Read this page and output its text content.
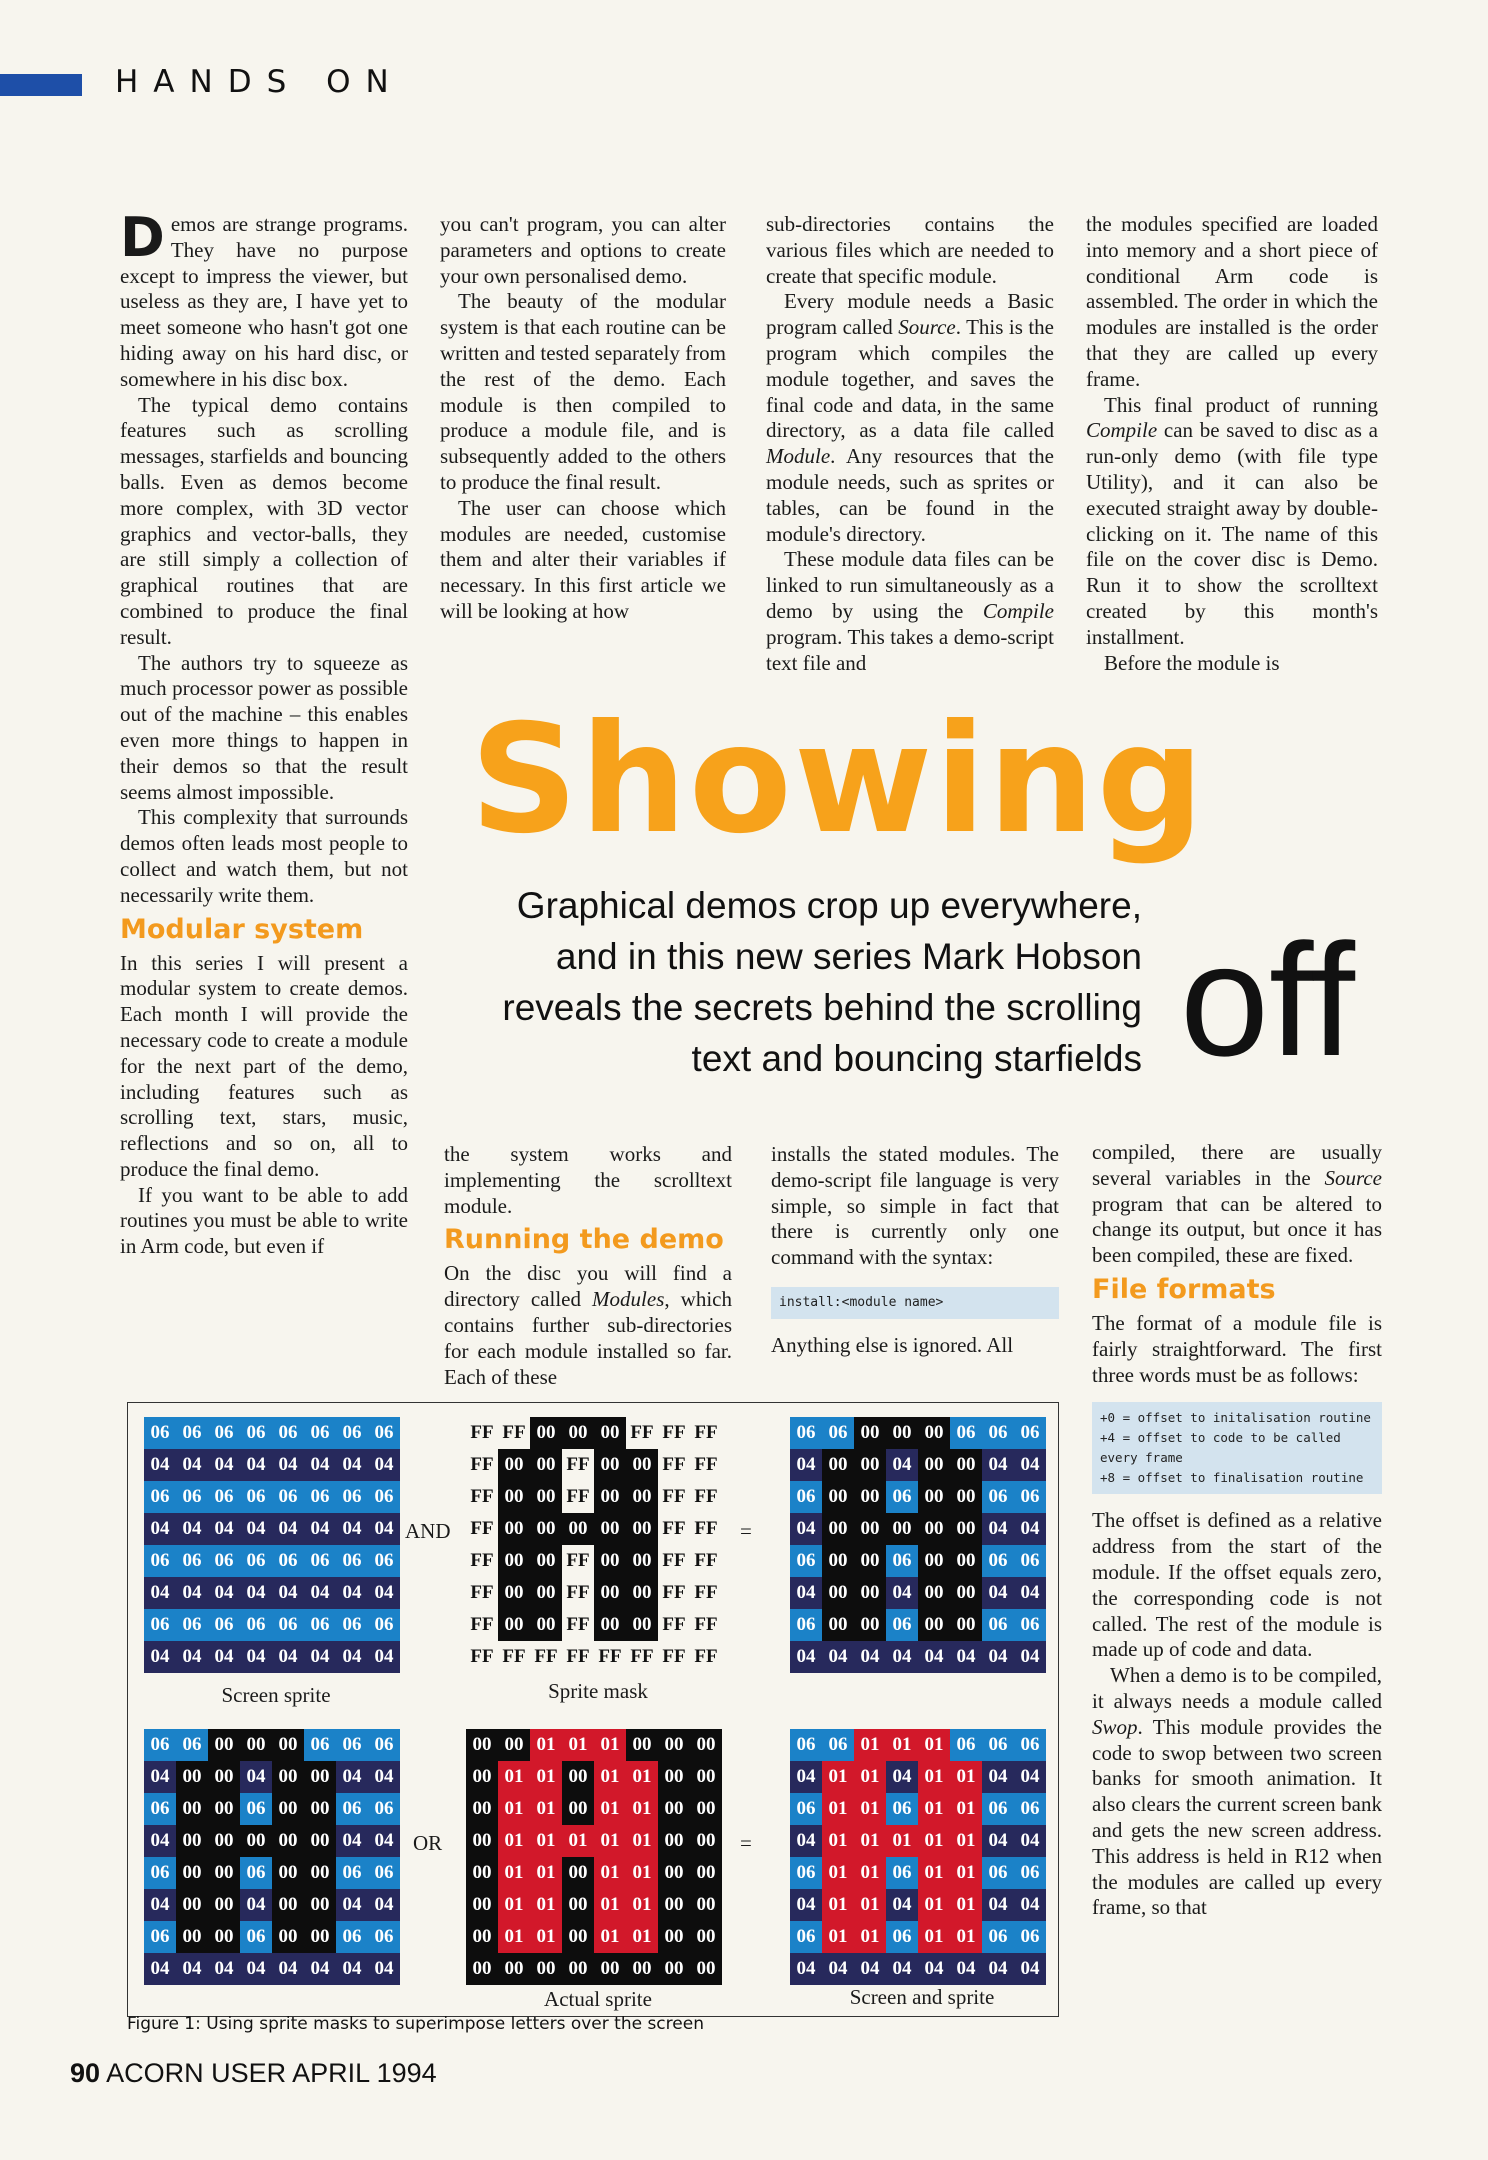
HANDS ON

Demos are strange programs. They have no purpose except to impress the viewer, but useless as they are, I have yet to meet someone who hasn't got one hiding away on his hard disc, or somewhere in his disc box.

The typical demo contains features such as scrolling messages, starfields and bouncing balls. Even as demos become more complex, with 3D vector graphics and vector-balls, they are still simply a collection of graphical routines that are combined to produce the final result.

The authors try to squeeze as much processor power as possible out of the machine – this enables even more things to happen in their demos so that the result seems almost impossible.

This complexity that surrounds demos often leads most people to collect and watch them, but not necessarily write them.

Modular system

In this series I will present a modular system to create demos. Each month I will provide the necessary code to create a module for the next part of the demo, including features such as scrolling text, stars, music, reflections and so on, all to produce the final demo.

If you want to be able to add routines you must be able to write in Arm code, but even if

you can't program, you can alter parameters and options to create your own personalised demo.

The beauty of the modular system is that each routine can be written and tested separately from the rest of the demo. Each module is then compiled to produce a module file, and is subsequently added to the others to produce the final result.

The user can choose which modules are needed, customise them and alter their variables if necessary. In this first article we will be looking at how

sub-directories contains the various files which are needed to create that specific module.

Every module needs a Basic program called Source. This is the program which compiles the module together, and saves the final code and data, in the same directory, as a data file called Module. Any resources that the module needs, such as sprites or tables, can be found in the module's directory.

These module data files can be linked to run simultaneously as a demo by using the Compile program. This takes a demo-script text file and

the modules specified are loaded into memory and a short piece of conditional Arm code is assembled. The order in which the modules are installed is the order that they are called up every frame.

This final product of running Compile can be saved to disc as a run-only demo (with file type Utility), and it can also be executed straight away by double-clicking on it. The name of this file on the cover disc is Demo. Run it to show the scrolltext created by this month's installment.

Before the module is

Showing
Graphical demos crop up everywhere, and in this new series Mark Hobson reveals the secrets behind the scrolling text and bouncing starfields off

the system works and implementing the scrolltext module.

Running the demo

On the disc you will find a directory called Modules, which contains further sub-directories for each module installed so far. Each of these

installs the stated modules. The demo-script file language is very simple, so simple in fact that there is currently only one command with the syntax:

install:<module name>

Anything else is ignored. All

compiled, there are usually several variables in the Source program that can be altered to change its output, but once it has been compiled, these are fixed.

File formats

The format of a module file is fairly straightforward. The first three words must be as follows:

+0 = offset to initalisation routine
+4 = offset to code to be called
every frame
+8 = offset to finalisation routine

The offset is defined as a relative address from the start of the module. If the offset equals zero, the corresponding code is not called. The rest of the module is made up of code and data.

When a demo is to be compiled, it always needs a module called Swop. This module provides the code to swop between two screen banks for smooth animation. It also clears the current screen bank and gets the new screen address. This address is held in R12 when the modules are called up every frame, so that

06 06 06 06 06 06 06 06
04 04 04 04 04 04 04 04
06 06 06 06 06 06 06 06
04 04 04 04 04 04 04 04
06 06 06 06 06 06 06 06
04 04 04 04 04 04 04 04
06 06 06 06 06 06 06 06
04 04 04 04 04 04 04 04
AND
FF FF 00 00 00 FF FF FF
FF 00 00 FF 00 00 FF FF
FF 00 00 FF 00 00 FF FF
FF 00 00 00 00 00 FF FF
FF 00 00 FF 00 00 FF FF
FF 00 00 FF 00 00 FF FF
FF 00 00 FF 00 00 FF FF
FF FF FF FF FF FF FF FF
=
06 06 00 00 00 06 06 06
04 00 00 04 00 00 04 04
06 00 00 06 00 00 06 06
04 00 00 00 00 00 04 04
06 00 00 06 00 00 06 06
04 00 00 04 00 00 04 04
06 00 00 06 00 00 06 06
04 04 04 04 04 04 04 04
Screen sprite	Sprite mask
06 06 00 00 00 06 06 06
04 00 00 04 00 00 04 04
06 00 00 06 00 00 06 06
04 00 00 00 00 00 04 04
06 00 00 06 00 00 06 06
04 00 00 04 00 00 04 04
06 00 00 06 00 00 06 06
04 04 04 04 04 04 04 04
OR
00 00 01 01 01 00 00 00
00 01 01 00 01 01 00 00
00 01 01 00 01 01 00 00
00 01 01 01 01 01 00 00
00 01 01 00 01 01 00 00
00 01 01 00 01 01 00 00
00 01 01 00 01 01 00 00
00 00 00 00 00 00 00 00
=
06 06 01 01 01 06 06 06
04 01 01 04 01 01 04 04
06 01 01 06 01 01 06 06
04 01 01 01 01 01 04 04
06 01 01 06 01 01 06 06
04 01 01 04 01 01 04 04
06 01 01 06 01 01 06 06
04 04 04 04 04 04 04 04
Actual sprite	Screen and sprite
Figure 1: Using sprite masks to superimpose letters over the screen
90 ACORN USER APRIL 1994
